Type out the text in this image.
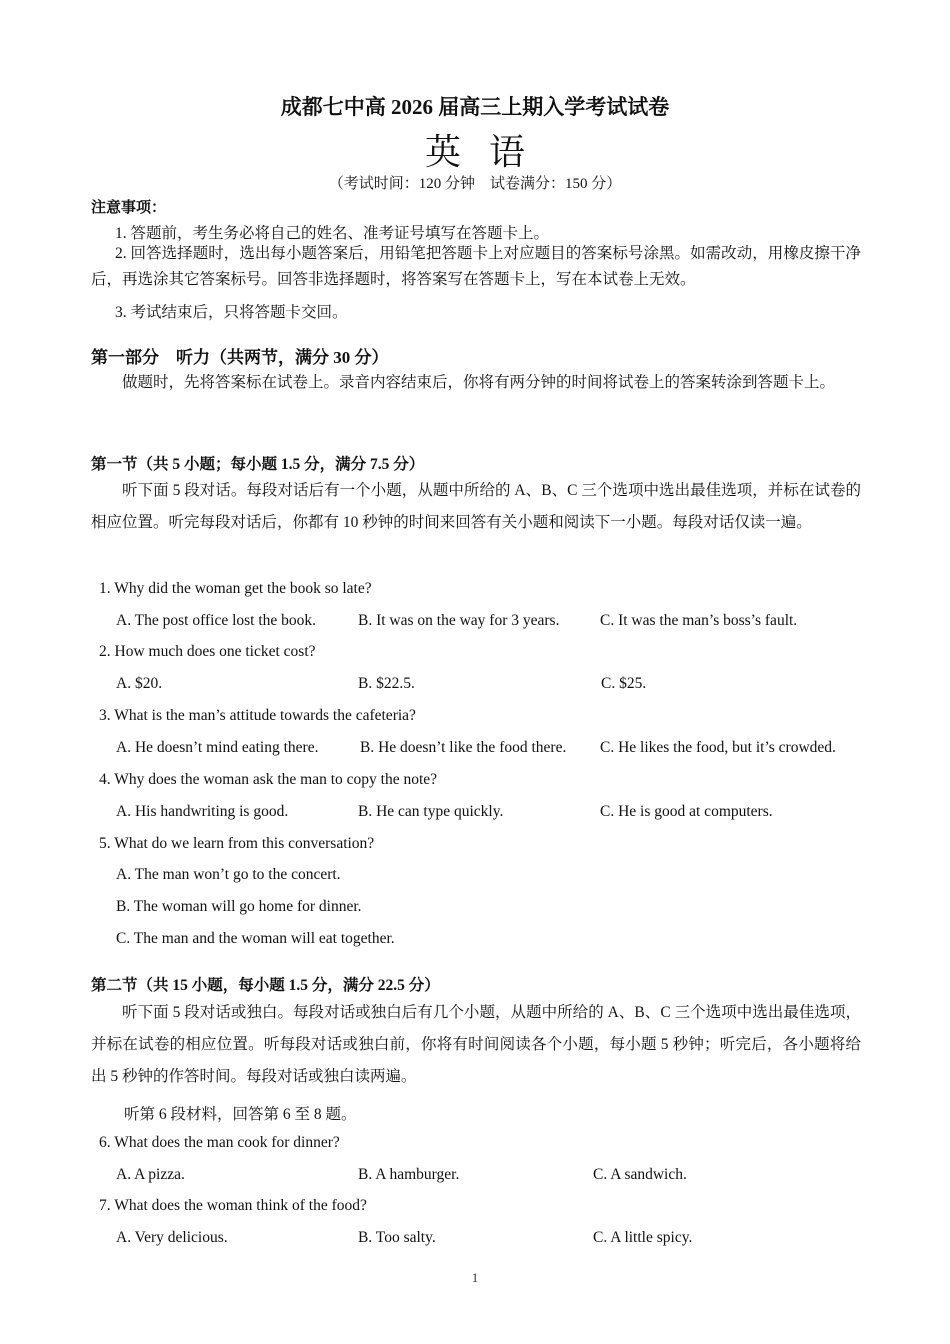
成都七中高 2026 届高三上期入学考试试卷
英语
（考试时间：120 分钟　试卷满分：150 分）
注意事项：
1. 答题前，考生务必将自己的姓名、准考证号填写在答题卡上。
2. 回答选择题时，选出每小题答案后，用铅笔把答题卡上对应题目的答案标号涂黑。如需改动，用橡皮擦干净后，再选涂其它答案标号。回答非选择题时，将答案写在答题卡上，写在本试卷上无效。
3. 考试结束后，只将答题卡交回。
第一部分　听力（共两节，满分 30 分）
做题时，先将答案标在试卷上。录音内容结束后，你将有两分钟的时间将试卷上的答案转涂到答题卡上。
第一节（共 5 小题；每小题 1.5 分，满分 7.5 分）
听下面 5 段对话。每段对话后有一个小题，从题中所给的 A、B、C 三个选项中选出最佳选项，并标在试卷的相应位置。听完每段对话后，你都有 10 秒钟的时间来回答有关小题和阅读下一小题。每段对话仅读一遍。
1. Why did the woman get the book so late?
A. The post office lost the book.	B. It was on the way for 3 years.	C. It was the man’s boss’s fault.
2. How much does one ticket cost?
A. $20.	B. $22.5.	C. $25.
3. What is the man’s attitude towards the cafeteria?
A. He doesn’t mind eating there.	B. He doesn’t like the food there. C. He likes the food, but it’s crowded.
4. Why does the woman ask the man to copy the note?
A. His handwriting is good.	B. He can type quickly.	C. He is good at computers.
5. What do we learn from this conversation?
A. The man won’t go to the concert.
B. The woman will go home for dinner.
C. The man and the woman will eat together.
第二节（共 15 小题，每小题 1.5 分，满分 22.5 分）
听下面 5 段对话或独白。每段对话或独白后有几个小题，从题中所给的 A、B、C 三个选项中选出最佳选项，并标在试卷的相应位置。听每段对话或独白前，你将有时间阅读各个小题，每小题 5 秒钟；听完后，各小题将给出 5 秒钟的作答时间。每段对话或独白读两遍。
听第 6 段材料，回答第 6 至 8 题。
6. What does the man cook for dinner?
A. A pizza.	B. A hamburger.	C. A sandwich.
7. What does the woman think of the food?
A. Very delicious.	B. Too salty.	C. A little spicy.
1
